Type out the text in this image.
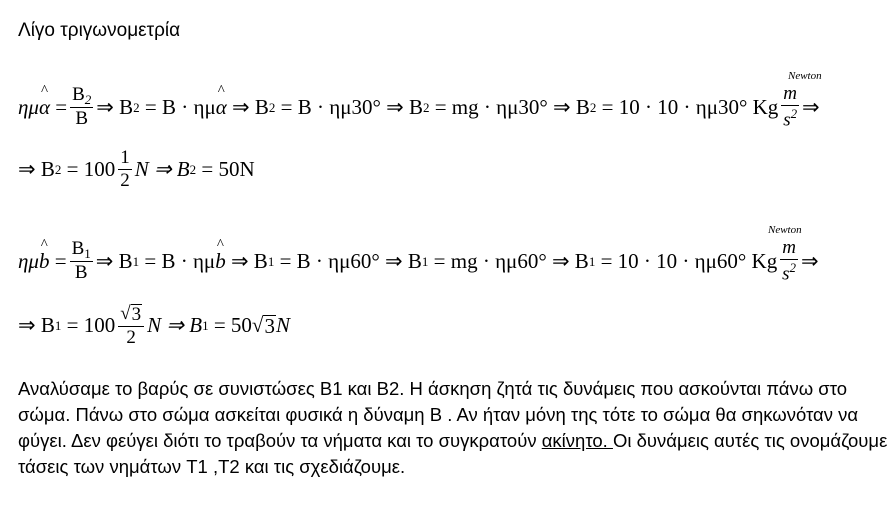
Λίγο τριγωνομετρία
Newton
ημ ^ $\alpha = \frac{B_2}{B}$ ⇒ B 2
= B · ημ ^ α
⇒ B 2
= B · ημ30° ⇒ B 2
= mg · ημ30° ⇒ B 2
= 10 · 10 · ημ30° Kg $\frac{m}{s^2}$ ⇒
⇒ B 2
= $100 \frac{1}{2}$ N ⇒ B 2
= 50N
Newton
ημ ^ $b = \frac{B_1}{B}$ ⇒ B 1
= B · ημ ^ b
⇒ B 1
= B · ημ60° ⇒ B 1
= mg · ημ60° ⇒ B 1
= 10 · 10 · ημ60° Kg $\frac{m}{s^2}$ ⇒
⇒ B 1
= $100 \frac{√ 3}{2}$ N ⇒ B 1
= 50 √ 3 N
Αναλύσαμε το βαρύς σε συνιστώσες B1 και B2. Η άσκηση ζητά τις δυνάμεις που ασκούνται πάνω στο σώμα. Πάνω στο σώμα ασκείται φυσικά η δύναμη Β . Αν ήταν μόνη της τότε το σώμα θα σηκωνόταν να φύγει. Δεν φεύγει διότι το τραβούν τα νήματα και το συγκρατούν ακίνητο. Οι δυνάμεις αυτές τις ονομάζουμε τάσεις των νημάτων T1 ,T2 και τις σχεδιάζουμε.
